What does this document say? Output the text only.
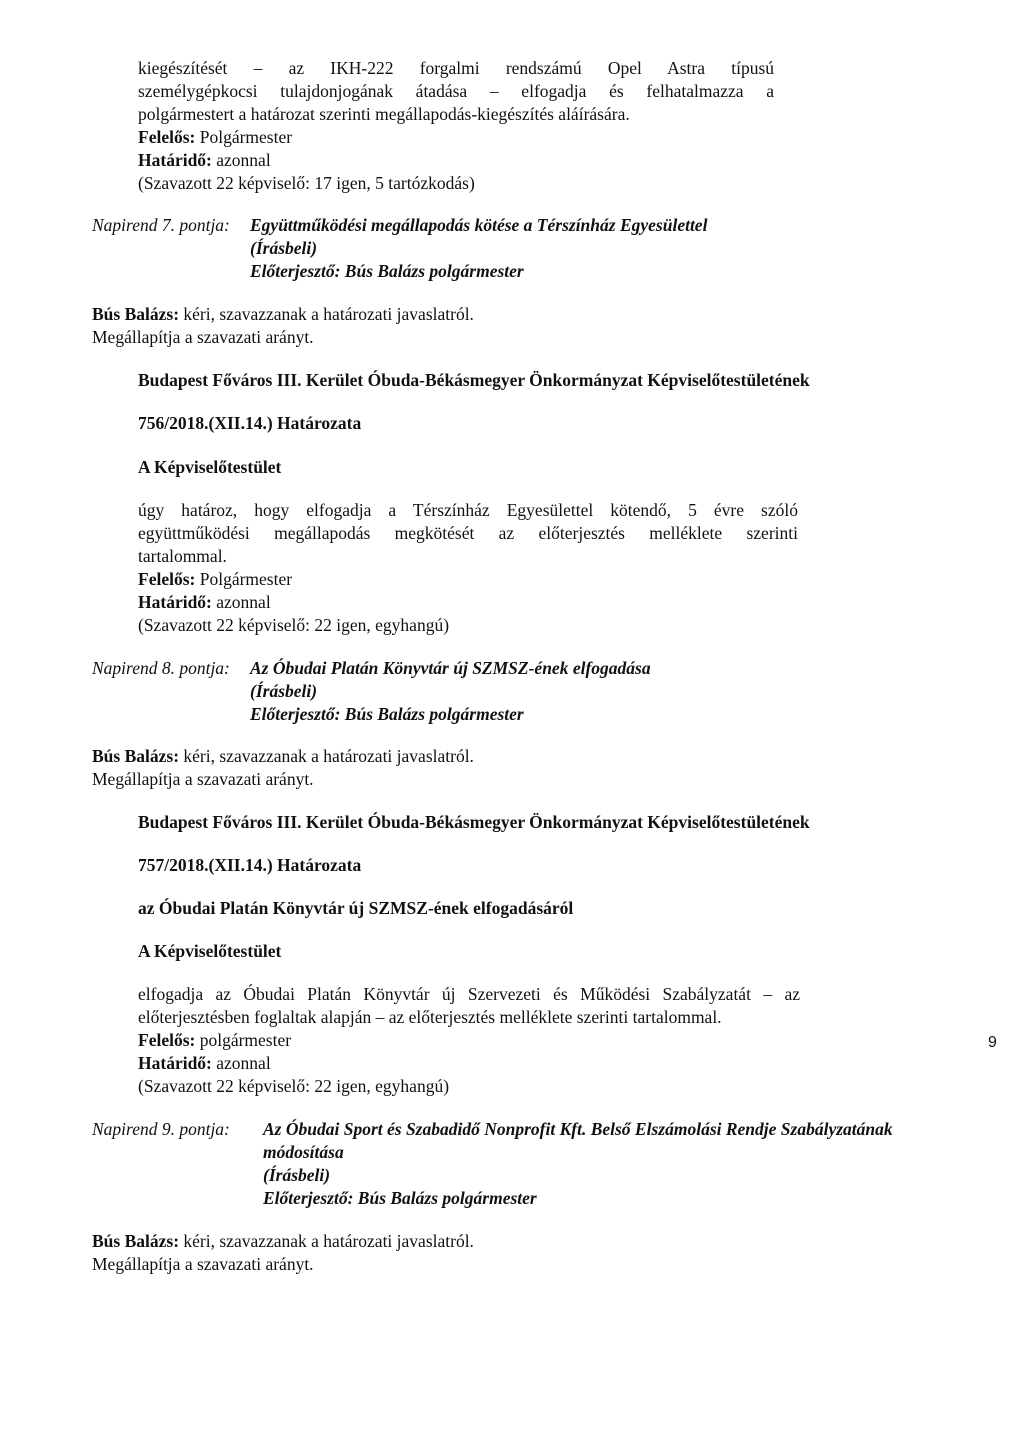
kiegészítését – az IKH-222 forgalmi rendszámú Opel Astra típusú
személygépkocsi tulajdonjogának átadása – elfogadja és felhatalmazza a
polgármestert a határozat szerinti megállapodás-kiegészítés aláírására.
Felelős: Polgármester
Határidő: azonnal
(Szavazott 22 képviselő: 17 igen, 5 tartózkodás)
Napirend 7. pontja: Együttműködési megállapodás kötése a Térszínház Egyesülettel
(Írásbeli)
Előterjesztő: Bús Balázs polgármester
Bús Balázs: kéri, szavazzanak a határozati javaslatról.
Megállapítja a szavazati arányt.
Budapest Főváros III. Kerület Óbuda-Békásmegyer Önkormányzat Képviselőtestületének
756/2018.(XII.14.) Határozata
A Képviselőtestület
úgy határoz, hogy elfogadja a Térszínház Egyesülettel kötendő, 5 évre szóló
együttműködési megállapodás megkötését az előterjesztés melléklete szerinti
tartalommal.
Felelős: Polgármester
Határidő: azonnal
(Szavazott 22 képviselő: 22 igen, egyhangú)
Napirend 8. pontja: Az Óbudai Platán Könyvtár új SZMSZ-ének elfogadása
(Írásbeli)
Előterjesztő: Bús Balázs polgármester
Bús Balázs: kéri, szavazzanak a határozati javaslatról.
Megállapítja a szavazati arányt.
Budapest Főváros III. Kerület Óbuda-Békásmegyer Önkormányzat Képviselőtestületének
757/2018.(XII.14.) Határozata
az Óbudai Platán Könyvtár új SZMSZ-ének elfogadásáról
A Képviselőtestület
elfogadja az Óbudai Platán Könyvtár új Szervezeti és Működési Szabályzatát – az
előterjesztésben foglaltak alapján – az előterjesztés melléklete szerinti tartalommal.
Felelős: polgármester
Határidő: azonnal
(Szavazott 22 képviselő: 22 igen, egyhangú)
Napirend 9. pontja: Az Óbudai Sport és Szabadidő Nonprofit Kft. Belső Elszámolási Rendje Szabályzatának
módosítása
(Írásbeli)
Előterjesztő: Bús Balázs polgármester
Bús Balázs: kéri, szavazzanak a határozati javaslatról.
Megállapítja a szavazati arányt.
9
